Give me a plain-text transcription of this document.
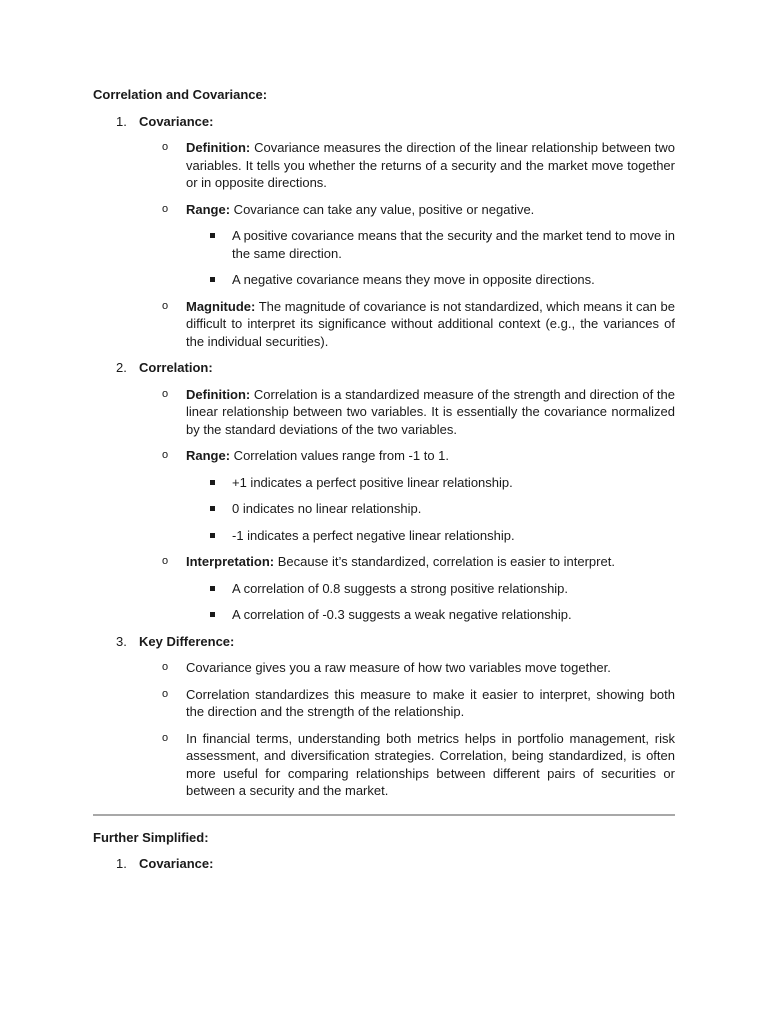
Correlation and Covariance:
1. Covariance:
o Definition: Covariance measures the direction of the linear relationship between two variables. It tells you whether the returns of a security and the market move together or in opposite directions.
o Range: Covariance can take any value, positive or negative.
A positive covariance means that the security and the market tend to move in the same direction.
A negative covariance means they move in opposite directions.
o Magnitude: The magnitude of covariance is not standardized, which means it can be difficult to interpret its significance without additional context (e.g., the variances of the individual securities).
2. Correlation:
o Definition: Correlation is a standardized measure of the strength and direction of the linear relationship between two variables. It is essentially the covariance normalized by the standard deviations of the two variables.
o Range: Correlation values range from -1 to 1.
+1 indicates a perfect positive linear relationship.
0 indicates no linear relationship.
-1 indicates a perfect negative linear relationship.
o Interpretation: Because it’s standardized, correlation is easier to interpret.
A correlation of 0.8 suggests a strong positive relationship.
A correlation of -0.3 suggests a weak negative relationship.
3. Key Difference:
o Covariance gives you a raw measure of how two variables move together.
o Correlation standardizes this measure to make it easier to interpret, showing both the direction and the strength of the relationship.
o In financial terms, understanding both metrics helps in portfolio management, risk assessment, and diversification strategies. Correlation, being standardized, is often more useful for comparing relationships between different pairs of securities or between a security and the market.
Further Simplified:
1. Covariance:
